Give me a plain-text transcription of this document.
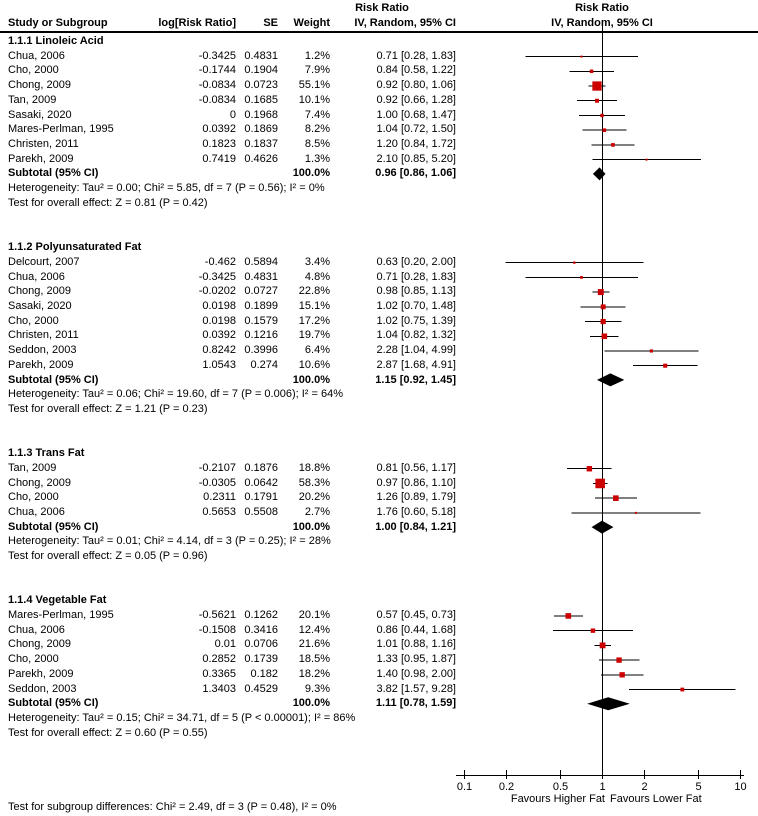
Risk Ratio	Risk Ratio
Study or Subgroup	log[Risk Ratio]	SE	Weight	IV, Random, 95% CI	IV, Random, 95% CI
1.1.1 Linoleic Acid
Chua, 2006	-0.3425 0.4831	1.2%	0.71 [0.28, 1.83]
Cho, 2000	-0.1744 0.1904	7.9%	0.84 [0.58, 1.22]
Chong, 2009	-0.0834 0.0723	55.1%	0.92 [0.80, 1.06]
Tan, 2009	-0.0834 0.1685	10.1%	0.92 [0.66, 1.28]
Sasaki, 2020	0 0.1968	7.4%	1.00 [0.68, 1.47]
Mares-Perlman, 1995	0.0392 0.1869	8.2%	1.04 [0.72, 1.50]
Christen, 2011	0.1823 0.1837	8.5%	1.20 [0.84, 1.72]
Parekh, 2009	0.7419 0.4626	1.3%	2.10 [0.85, 5.20]
Subtotal (95% CI)	100.0%	0.96 [0.86, 1.06]
Heterogeneity: Tau² = 0.00; Chi² = 5.85, df = 7 (P = 0.56); I² = 0%
Test for overall effect: Z = 0.81 (P = 0.42)
1.1.2 Polyunsaturated Fat
Delcourt, 2007	-0.462 0.5894	3.4%	0.63 [0.20, 2.00]
Chua, 2006	-0.3425 0.4831	4.8%	0.71 [0.28, 1.83]
Chong, 2009	-0.0202 0.0727	22.8%	0.98 [0.85, 1.13]
Sasaki, 2020	0.0198 0.1899	15.1%	1.02 [0.70, 1.48]
Cho, 2000	0.0198 0.1579	17.2%	1.02 [0.75, 1.39]
Christen, 2011	0.0392 0.1216	19.7%	1.04 [0.82, 1.32]
Seddon, 2003	0.8242 0.3996	6.4%	2.28 [1.04, 4.99]
Parekh, 2009	1.0543	0.274	10.6%	2.87 [1.68, 4.91]
Subtotal (95% CI)	100.0%	1.15 [0.92, 1.45]
Heterogeneity: Tau² = 0.06; Chi² = 19.60, df = 7 (P = 0.006); I² = 64%
Test for overall effect: Z = 1.21 (P = 0.23)
1.1.3 Trans Fat
Tan, 2009	-0.2107 0.1876	18.8%	0.81 [0.56, 1.17]
Chong, 2009	-0.0305 0.0642	58.3%	0.97 [0.86, 1.10]
Cho, 2000	0.2311 0.1791	20.2%	1.26 [0.89, 1.79]
Chua, 2006	0.5653 0.5508	2.7%	1.76 [0.60, 5.18]
Subtotal (95% CI)	100.0%	1.00 [0.84, 1.21]
Heterogeneity: Tau² = 0.01; Chi² = 4.14, df = 3 (P = 0.25); I² = 28%
Test for overall effect: Z = 0.05 (P = 0.96)
1.1.4 Vegetable Fat
Mares-Perlman, 1995	-0.5621 0.1262	20.1%	0.57 [0.45, 0.73]
Chua, 2006	-0.1508 0.3416	12.4%	0.86 [0.44, 1.68]
Chong, 2009	0.01 0.0706	21.6%	1.01 [0.88, 1.16]
Cho, 2000	0.2852 0.1739	18.5%	1.33 [0.95, 1.87]
Parekh, 2009	0.3365	0.182	18.2%	1.40 [0.98, 2.00]
Seddon, 2003	1.3403 0.4529	9.3%	3.82 [1.57, 9.28]
Subtotal (95% CI)	100.0%	1.11 [0.78, 1.59]
Heterogeneity: Tau² = 0.15; Chi² = 34.71, df = 5 (P < 0.00001); I² = 86%
Test for overall effect: Z = 0.60 (P = 0.55)
0.1 0.2	0.5	1	2	5	10
Favours Higher Fat Favours Lower Fat
Test for subgroup differences: Chi² = 2.49, df = 3 (P = 0.48), I² = 0%
